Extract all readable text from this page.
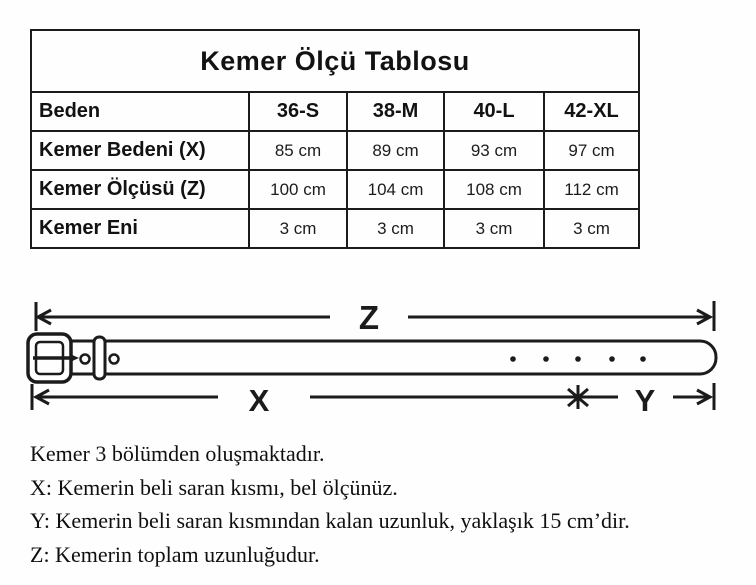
Kemer Ölçü Tablosu				
Beden	36-S	38-M	40-L	42-XL
Kemer Bedeni (X)	85 cm	89 cm	93 cm	97 cm
Kemer Ölçüsü (Z)	100 cm	104 cm	108 cm	112 cm
Kemer Eni	3 cm	3 cm	3 cm	3 cm
Z
X	Y

Kemer 3 bölümden oluşmaktadır.

X: Kemerin beli saran kısmı, bel ölçünüz.

Y: Kemerin beli saran kısmından kalan uzunluk, yaklaşık 15 cm’dir.

Z: Kemerin toplam uzunluğudur.
